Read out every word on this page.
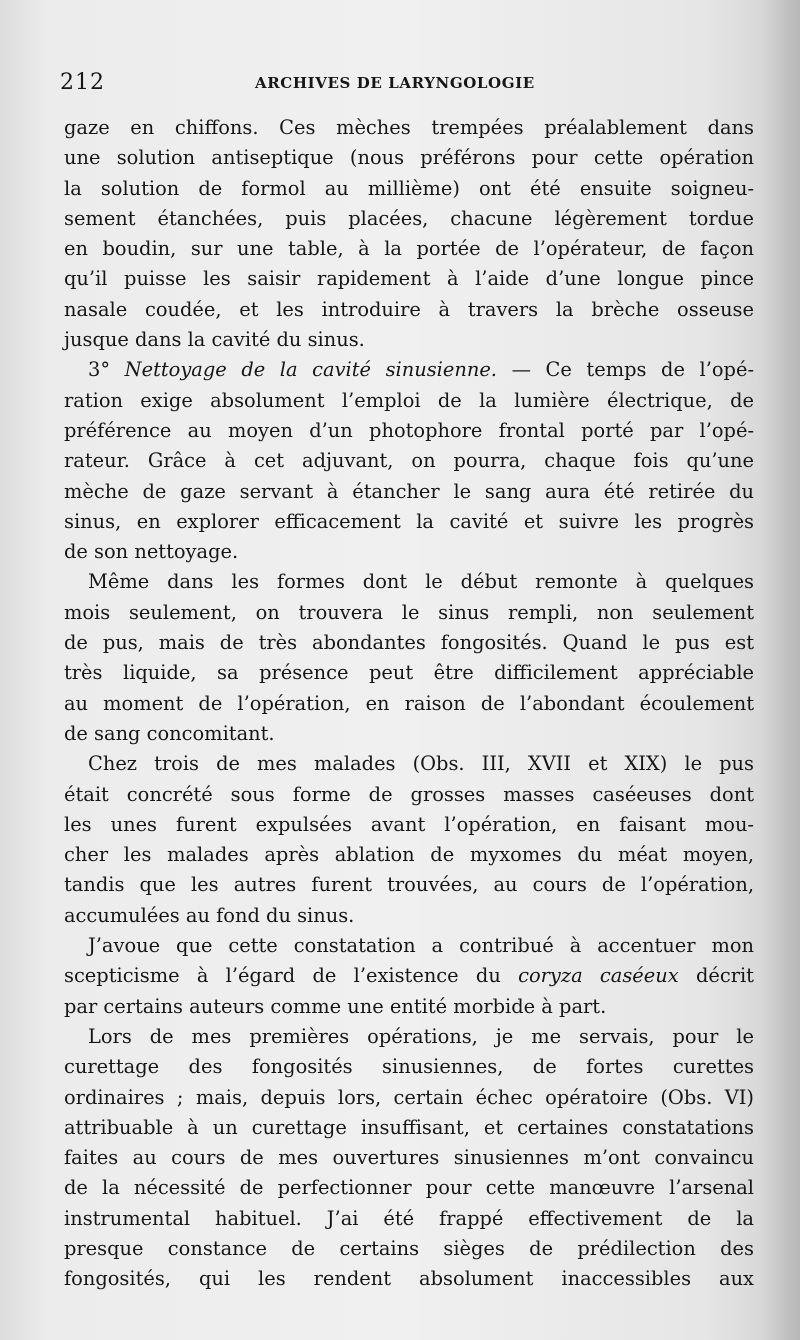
212	ARCHIVES DE LARYNGOLOGIE

gaze en chiffons. Ces mèches trempées préalablement dans
une solution antiseptique (nous préférons pour cette opération
la solution de formol au millième) ont été ensuite soigneu-
sement étanchées, puis placées, chacune légèrement tordue
en boudin, sur une table, à la portée de l’opérateur, de façon
qu’il puisse les saisir rapidement à l’aide d’une longue pince
nasale coudée, et les introduire à travers la brèche osseuse
jusque dans la cavité du sinus.

3° Nettoyage de la cavité sinusienne. — Ce temps de l’opé-
ration exige absolument l’emploi de la lumière électrique, de
préférence au moyen d’un photophore frontal porté par l’opé-
rateur. Grâce à cet adjuvant, on pourra, chaque fois qu’une
mèche de gaze servant à étancher le sang aura été retirée du
sinus, en explorer efficacement la cavité et suivre les progrès
de son nettoyage.

Même dans les formes dont le début remonte à quelques
mois seulement, on trouvera le sinus rempli, non seulement
de pus, mais de très abondantes fongosités. Quand le pus est
très liquide, sa présence peut être difficilement appréciable
au moment de l’opération, en raison de l’abondant écoulement
de sang concomitant.

Chez trois de mes malades (Obs. III, XVII et XIX) le pus
était concrété sous forme de grosses masses caséeuses dont
les unes furent expulsées avant l’opération, en faisant mou-
cher les malades après ablation de myxomes du méat moyen,
tandis que les autres furent trouvées, au cours de l’opération,
accumulées au fond du sinus.

J’avoue que cette constatation a contribué à accentuer mon
scepticisme à l’égard de l’existence du coryza caséeux décrit
par certains auteurs comme une entité morbide à part.

Lors de mes premières opérations, je me servais, pour le
curettage des fongosités sinusiennes, de fortes curettes
ordinaires ; mais, depuis lors, certain échec opératoire (Obs. VI)
attribuable à un curettage insuffisant, et certaines constatations
faites au cours de mes ouvertures sinusiennes m’ont convaincu
de la nécessité de perfectionner pour cette manœuvre l’arsenal
instrumental habituel. J’ai été frappé effectivement de la
presque constance de certains sièges de prédilection des
fongosités, qui les rendent absolument inaccessibles aux
